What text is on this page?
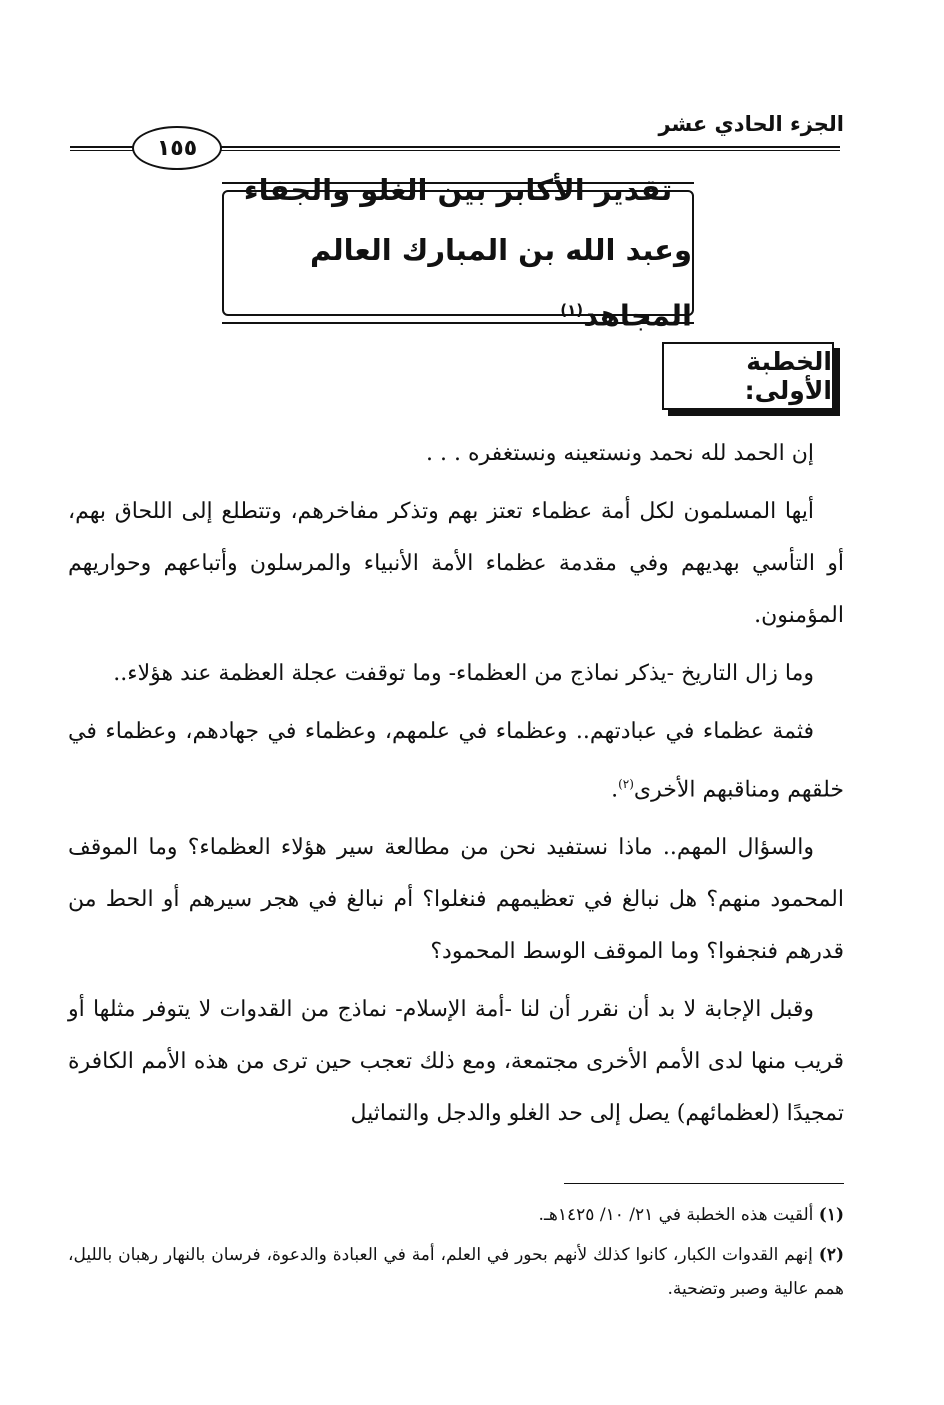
الجزء الحادي عشر
١٥٥
تقدير الأكابر بين الغلو والجفاء
وعبد الله بن المبارك العالم المجاهد$^{(١)}$
الخطبة الأولى:

إن الحمد لله نحمد ونستعينه ونستغفره . . .

أيها المسلمون لكل أمة عظماء تعتز بهم وتذكر مفاخرهم، وتتطلع إلى اللحاق بهم، أو التأسي بهديهم وفي مقدمة عظماء الأمة الأنبياء والمرسلون وأتباعهم وحواريهم المؤمنون.

وما زال التاريخ -يذكر نماذج من العظماء- وما توقفت عجلة العظمة عند هؤلاء..

فثمة عظماء في عبادتهم.. وعظماء في علمهم، وعظماء في جهادهم، وعظماء في خلقهم ومناقبهم الأخرى$^{(٢)}$.

والسؤال المهم.. ماذا نستفيد نحن من مطالعة سير هؤلاء العظماء؟ وما الموقف المحمود منهم؟ هل نبالغ في تعظيمهم فنغلوا؟ أم نبالغ في هجر سيرهم أو الحط من قدرهم فنجفوا؟ وما الموقف الوسط المحمود؟

وقبل الإجابة لا بد أن نقرر أن لنا -أمة الإسلام- نماذج من القدوات لا يتوفر مثلها أو قريب منها لدى الأمم الأخرى مجتمعة، ومع ذلك تعجب حين ترى من هذه الأمم الكافرة تمجيدًا (لعظمائهم) يصل إلى حد الغلو والدجل والتماثيل

(١) ألقيت هذه الخطبة في ٢١/ ١٠/ ١٤٢٥هـ.
(٢) إنهم القدوات الكبار، كانوا كذلك لأنهم بحور في العلم، أمة في العبادة والدعوة، فرسان بالنهار رهبان بالليل، همم عالية وصبر وتضحية.
